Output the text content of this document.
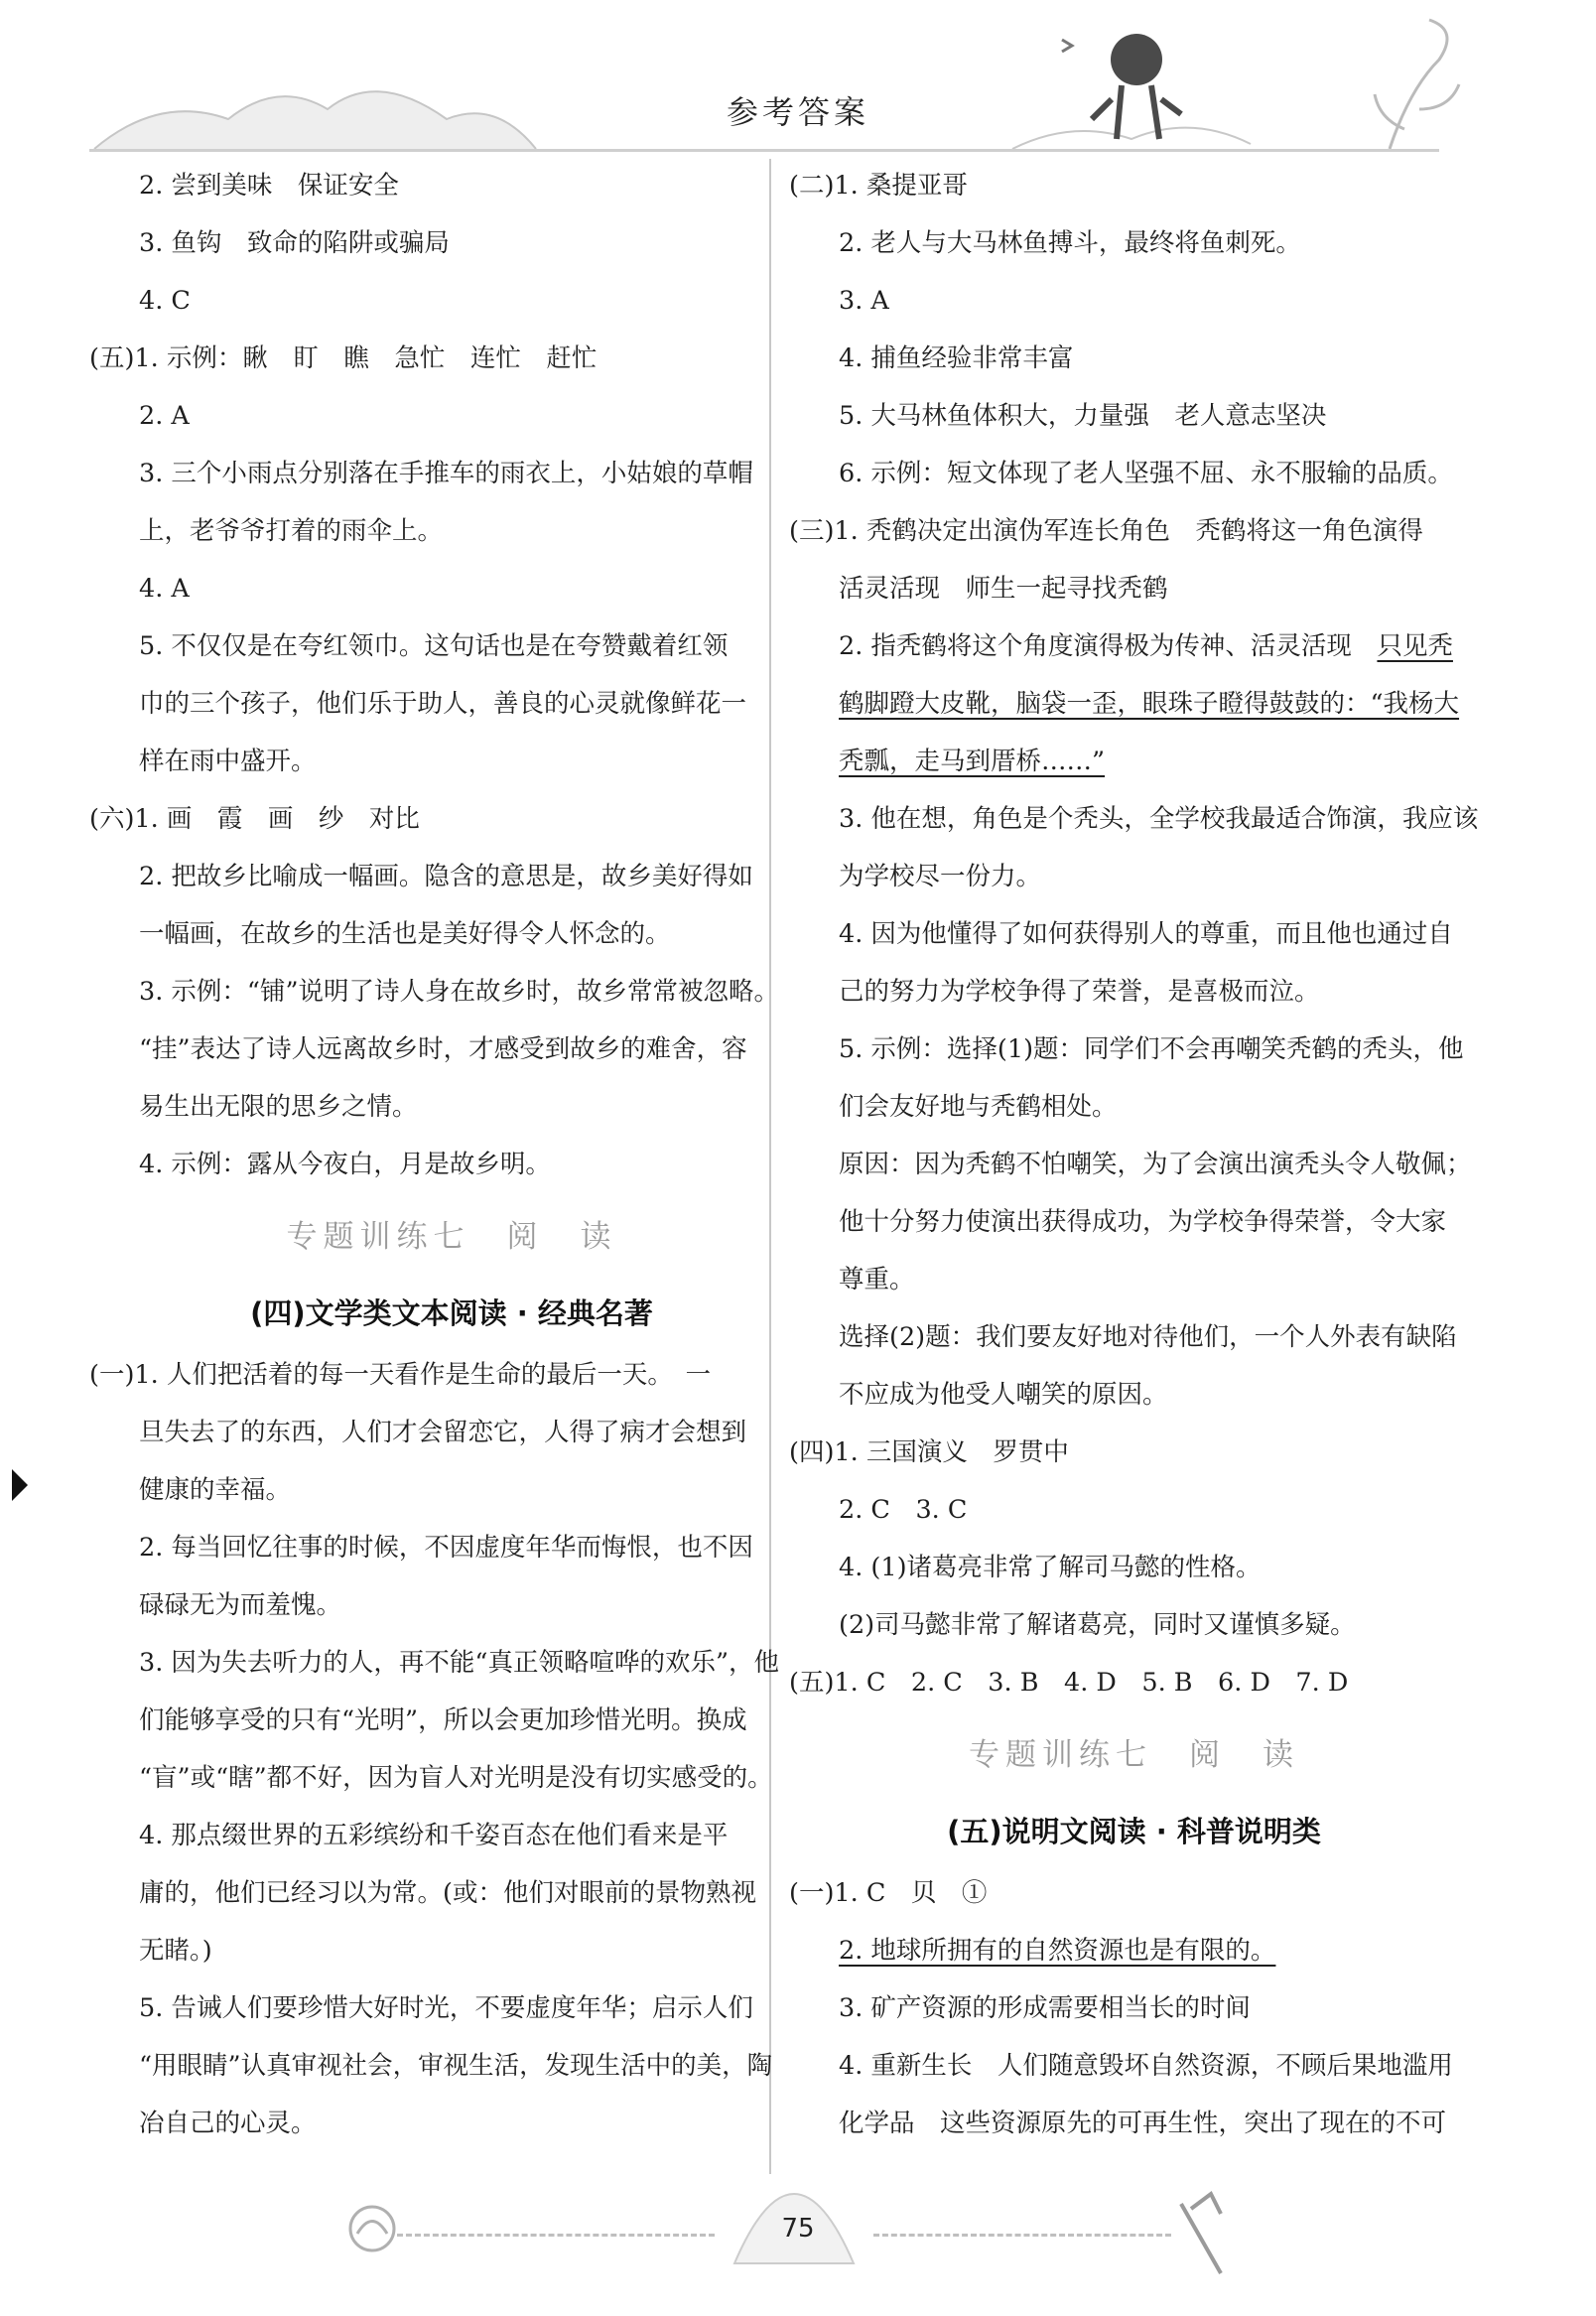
参考答案
2. 尝到美味　保证安全
3. 鱼钩　致命的陷阱或骗局
4. C
(五)1. 示例：瞅　盯　瞧　急忙　连忙　赶忙
2. A
3. 三个小雨点分别落在手推车的雨衣上，小姑娘的草帽
上，老爷爷打着的雨伞上。
4. A
5. 不仅仅是在夸红领巾。这句话也是在夸赞戴着红领
巾的三个孩子，他们乐于助人，善良的心灵就像鲜花一
样在雨中盛开。
(六)1. 画　霞　画　纱　对比
2. 把故乡比喻成一幅画。隐含的意思是，故乡美好得如
一幅画，在故乡的生活也是美好得令人怀念的。
3. 示例：“铺”说明了诗人身在故乡时，故乡常常被忽略。
“挂”表达了诗人远离故乡时，才感受到故乡的难舍，容
易生出无限的思乡之情。
4. 示例：露从今夜白，月是故乡明。
专题训练七　阅　读
(四)文学类文本阅读 · 经典名著
(一)1. 人们把活着的每一天看作是生命的最后一天。　一
旦失去了的东西，人们才会留恋它，人得了病才会想到
健康的幸福。
2. 每当回忆往事的时候，不因虚度年华而悔恨，也不因
碌碌无为而羞愧。
3. 因为失去听力的人，再不能“真正领略喧哗的欢乐”，他
们能够享受的只有“光明”，所以会更加珍惜光明。换成
“盲”或“瞎”都不好，因为盲人对光明是没有切实感受的。
4. 那点缀世界的五彩缤纷和千姿百态在他们看来是平
庸的，他们已经习以为常。(或：他们对眼前的景物熟视
无睹。)
5. 告诫人们要珍惜大好时光，不要虚度年华；启示人们
“用眼睛”认真审视社会，审视生活，发现生活中的美，陶
冶自己的心灵。
(二)1. 桑提亚哥
2. 老人与大马林鱼搏斗，最终将鱼刺死。
3. A
4. 捕鱼经验非常丰富
5. 大马林鱼体积大，力量强　老人意志坚决
6. 示例：短文体现了老人坚强不屈、永不服输的品质。
(三)1. 秃鹤决定出演伪军连长角色　秃鹤将这一角色演得
活灵活现　师生一起寻找秃鹤
2. 指秃鹤将这个角度演得极为传神、活灵活现　只见秃
鹤脚蹬大皮靴，脑袋一歪，眼珠子瞪得鼓鼓的：“我杨大
秃瓢，走马到厝桥……”
3. 他在想，角色是个秃头，全学校我最适合饰演，我应该
为学校尽一份力。
4. 因为他懂得了如何获得别人的尊重，而且他也通过自
己的努力为学校争得了荣誉，是喜极而泣。
5. 示例：选择(1)题：同学们不会再嘲笑秃鹤的秃头，他
们会友好地与秃鹤相处。
原因：因为秃鹤不怕嘲笑，为了会演出演秃头令人敬佩；
他十分努力使演出获得成功，为学校争得荣誉，令大家
尊重。
选择(2)题：我们要友好地对待他们，一个人外表有缺陷
不应成为他受人嘲笑的原因。
(四)1. 三国演义　罗贯中
2. C　3. C
4. (1)诸葛亮非常了解司马懿的性格。
(2)司马懿非常了解诸葛亮，同时又谨慎多疑。
(五)1. C　2. C　3. B　4. D　5. B　6. D　7. D
专题训练七　阅　读
(五)说明文阅读 · 科普说明类
(一)1. C　贝　①
2. 地球所拥有的自然资源也是有限的。
3. 矿产资源的形成需要相当长的时间
4. 重新生长　人们随意毁坏自然资源，不顾后果地滥用
化学品　这些资源原先的可再生性，突出了现在的不可
75
